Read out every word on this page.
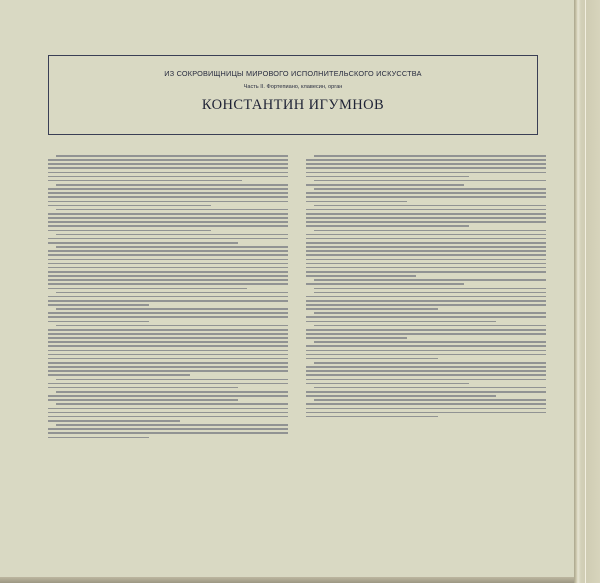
ИЗ СОКРОВИЩНИЦЫ МИРОВОГО ИСПОЛНИТЕЛЬСКОГО ИСКУССТВА
Часть II. Фортепиано, клавесин, орган
КОНСТАНТИН ИГУМНОВ
